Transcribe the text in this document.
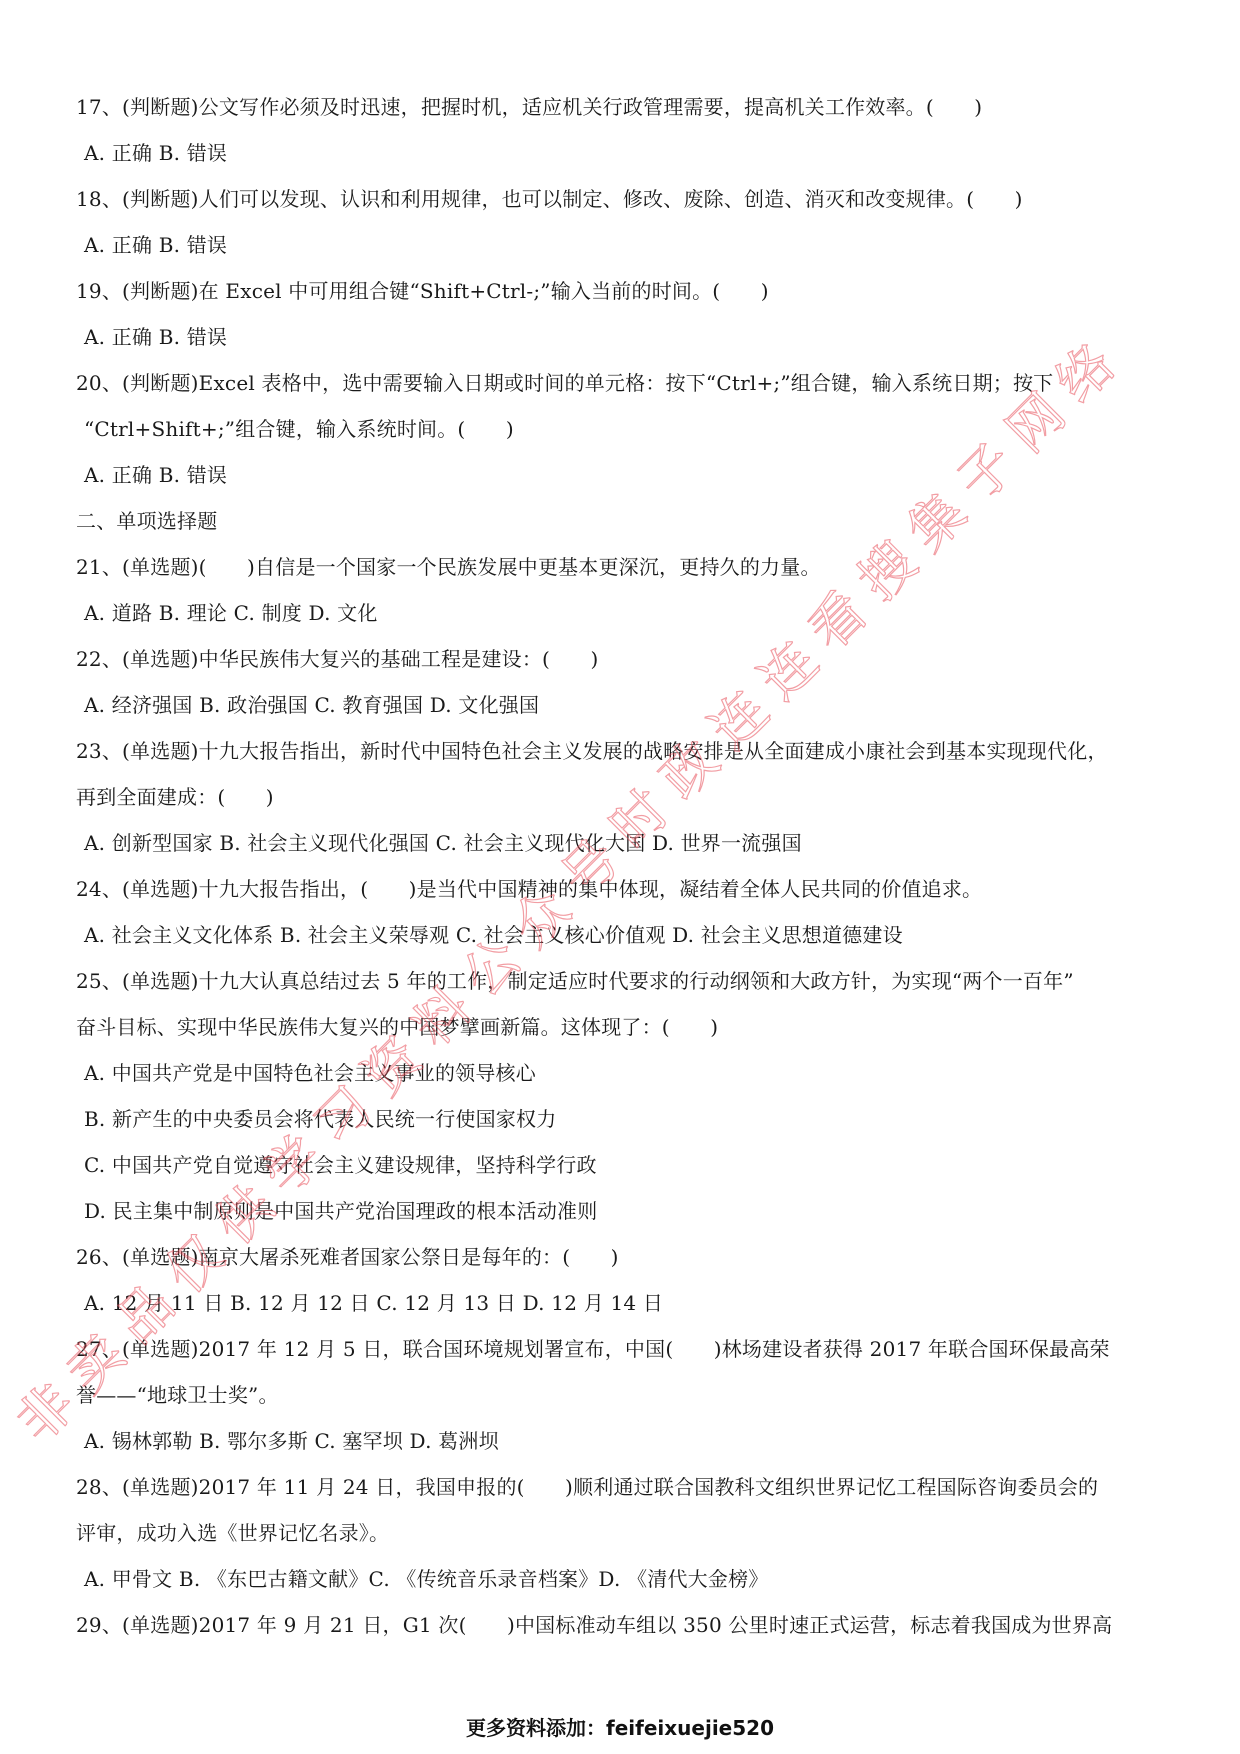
17、(判断题)公文写作必须及时迅速，把握时机，适应机关行政管理需要，提高机关工作效率。(　　)
A. 正确 B. 错误
18、(判断题)人们可以发现、认识和利用规律，也可以制定、修改、废除、创造、消灭和改变规律。(　　)
A. 正确 B. 错误
19、(判断题)在 Excel 中可用组合键“Shift+Ctrl-;”输入当前的时间。(　　)
A. 正确 B. 错误
20、(判断题)Excel 表格中，选中需要输入日期或时间的单元格：按下“Ctrl+;”组合键，输入系统日期；按下
“Ctrl+Shift+;”组合键，输入系统时间。(　　)
A. 正确 B. 错误
二、单项选择题
21、(单选题)(　　)自信是一个国家一个民族发展中更基本更深沉，更持久的力量。
A. 道路 B. 理论 C. 制度 D. 文化
22、(单选题)中华民族伟大复兴的基础工程是建设：(　　)
A. 经济强国 B. 政治强国 C. 教育强国 D. 文化强国
23、(单选题)十九大报告指出，新时代中国特色社会主义发展的战略安排是从全面建成小康社会到基本实现现代化，
再到全面建成：(　　)
A. 创新型国家 B. 社会主义现代化强国 C. 社会主义现代化大国 D. 世界一流强国
24、(单选题)十九大报告指出，(　　)是当代中国精神的集中体现，凝结着全体人民共同的价值追求。
A. 社会主义文化体系 B. 社会主义荣辱观 C. 社会主义核心价值观 D. 社会主义思想道德建设
25、(单选题)十九大认真总结过去 5 年的工作，制定适应时代要求的行动纲领和大政方针，为实现“两个一百年”
奋斗目标、实现中华民族伟大复兴的中国梦擘画新篇。这体现了：(　　)
A. 中国共产党是中国特色社会主义事业的领导核心
B. 新产生的中央委员会将代表人民统一行使国家权力
C. 中国共产党自觉遵守社会主义建设规律，坚持科学行政
D. 民主集中制原则是中国共产党治国理政的根本活动准则
26、(单选题)南京大屠杀死难者国家公祭日是每年的：(　　)
A. 12 月 11 日 B. 12 月 12 日 C. 12 月 13 日 D. 12 月 14 日
27、(单选题)2017 年 12 月 5 日，联合国环境规划署宣布，中国(　　)林场建设者获得 2017 年联合国环保最高荣
誉——“地球卫士奖”。
A. 锡林郭勒 B. 鄂尔多斯 C. 塞罕坝 D. 葛洲坝
28、(单选题)2017 年 11 月 24 日，我国申报的(　　)顺利通过联合国教科文组织世界记忆工程国际咨询委员会的
评审，成功入选《世界记忆名录》。
A. 甲骨文 B. 《东巴古籍文献》C. 《传统音乐录音档案》D. 《清代大金榜》
29、(单选题)2017 年 9 月 21 日，G1 次(　　)中国标准动车组以 350 公里时速正式运营，标志着我国成为世界高
非卖品仅供学习资料公众号时政连连看搜集子网络
更多资料添加：feifeixuejie520
